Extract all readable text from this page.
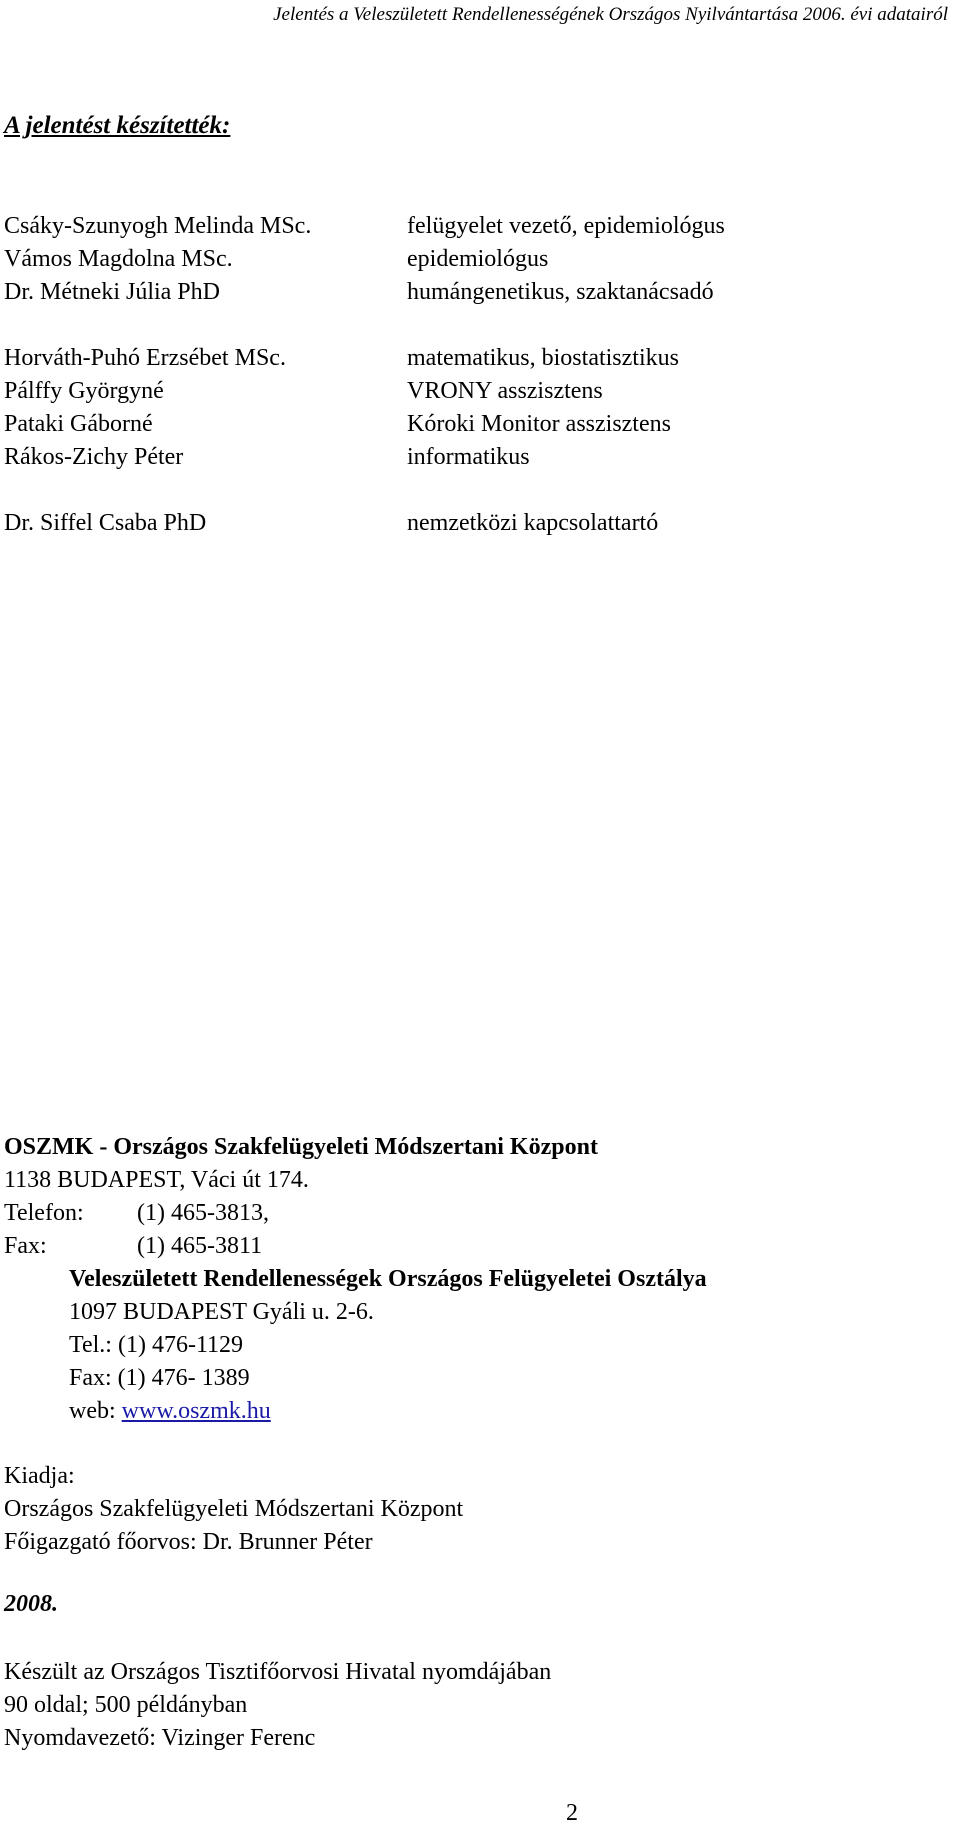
Jelentés a Veleszületett Rendellenességének Országos Nyilvántartása 2006. évi adatairól
A jelentést készítették:
Csáky-Szunyogh Melinda MSc.
Vámos Magdolna MSc.
Dr. Métneki Júlia PhD
Horváth-Puhó Erzsébet MSc.
Pálffy Györgyné
Pataki Gáborné
Rákos-Zichy Péter
Dr. Siffel Csaba PhD
felügyelet vezető, epidemiológus
epidemiológus
humángenetikus, szaktanácsadó
matematikus, biostatisztikus
VRONY asszisztens
Kóroki Monitor asszisztens
informatikus
nemzetközi kapcsolattartó
OSZMK - Országos Szakfelügyeleti Módszertani Központ
1138 BUDAPEST, Váci út 174.
Telefon: (1) 465-3813,
Fax:	(1) 465-3811
Veleszületett Rendellenességek Országos Felügyeletei Osztálya
1097 BUDAPEST Gyáli u. 2-6.
Tel.: (1) 476-1129
Fax: (1) 476- 1389
web: www.oszmk.hu
Kiadja:
Országos Szakfelügyeleti Módszertani Központ
Főigazgató főorvos: Dr. Brunner Péter
2008.
Készült az Országos Tisztifőorvosi Hivatal nyomdájában
90 oldal; 500 példányban
Nyomdavezető: Vizinger Ferenc
2
